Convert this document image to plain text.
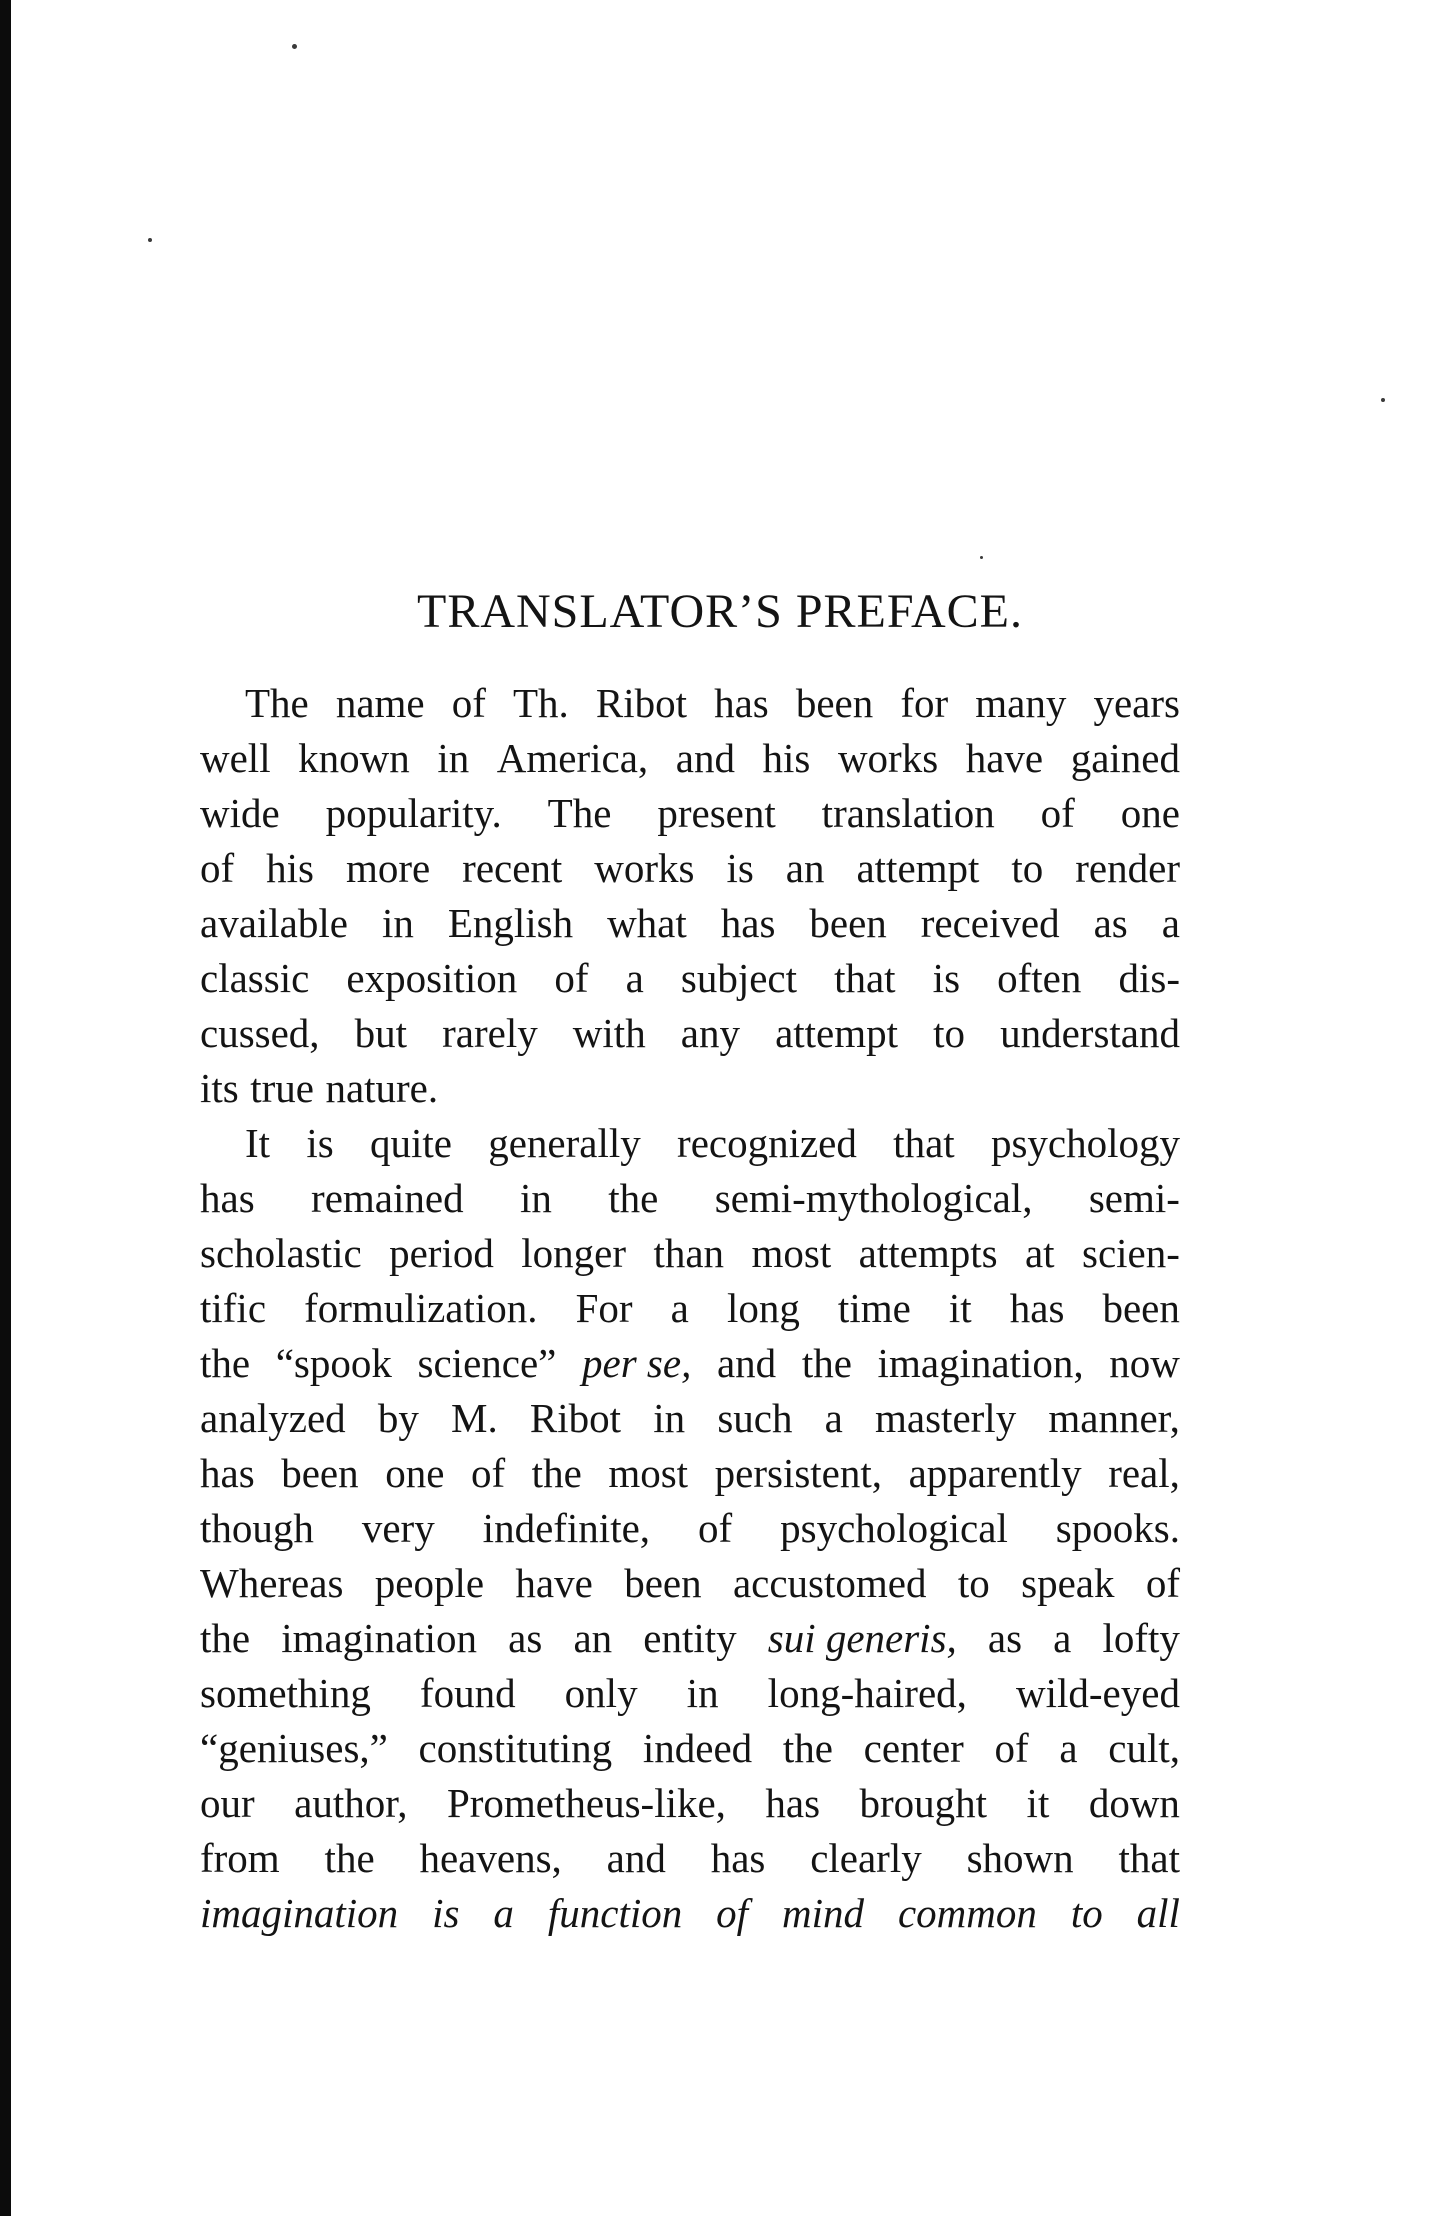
TRANSLATOR’S PREFACE.
The name of Th. Ribot has been for many years
well known in America, and his works have gained
wide popularity. The present translation of one
of his more recent works is an attempt to render
available in English what has been received as a
classic exposition of a subject that is often dis-
cussed, but rarely with any attempt to understand
its true nature.
It is quite generally recognized that psychology
has remained in the semi-mythological, semi-
scholastic period longer than most attempts at scien-
tific formulization. For a long time it has been
the “spook science” per se, and the imagination, now
analyzed by M. Ribot in such a masterly manner,
has been one of the most persistent, apparently real,
though very indefinite, of psychological spooks.
Whereas people have been accustomed to speak of
the imagination as an entity sui generis, as a lofty
something found only in long-haired, wild-eyed
“geniuses,” constituting indeed the center of a cult,
our author, Prometheus-like, has brought it down
from the heavens, and has clearly shown that
imagination is a function of mind common to all
